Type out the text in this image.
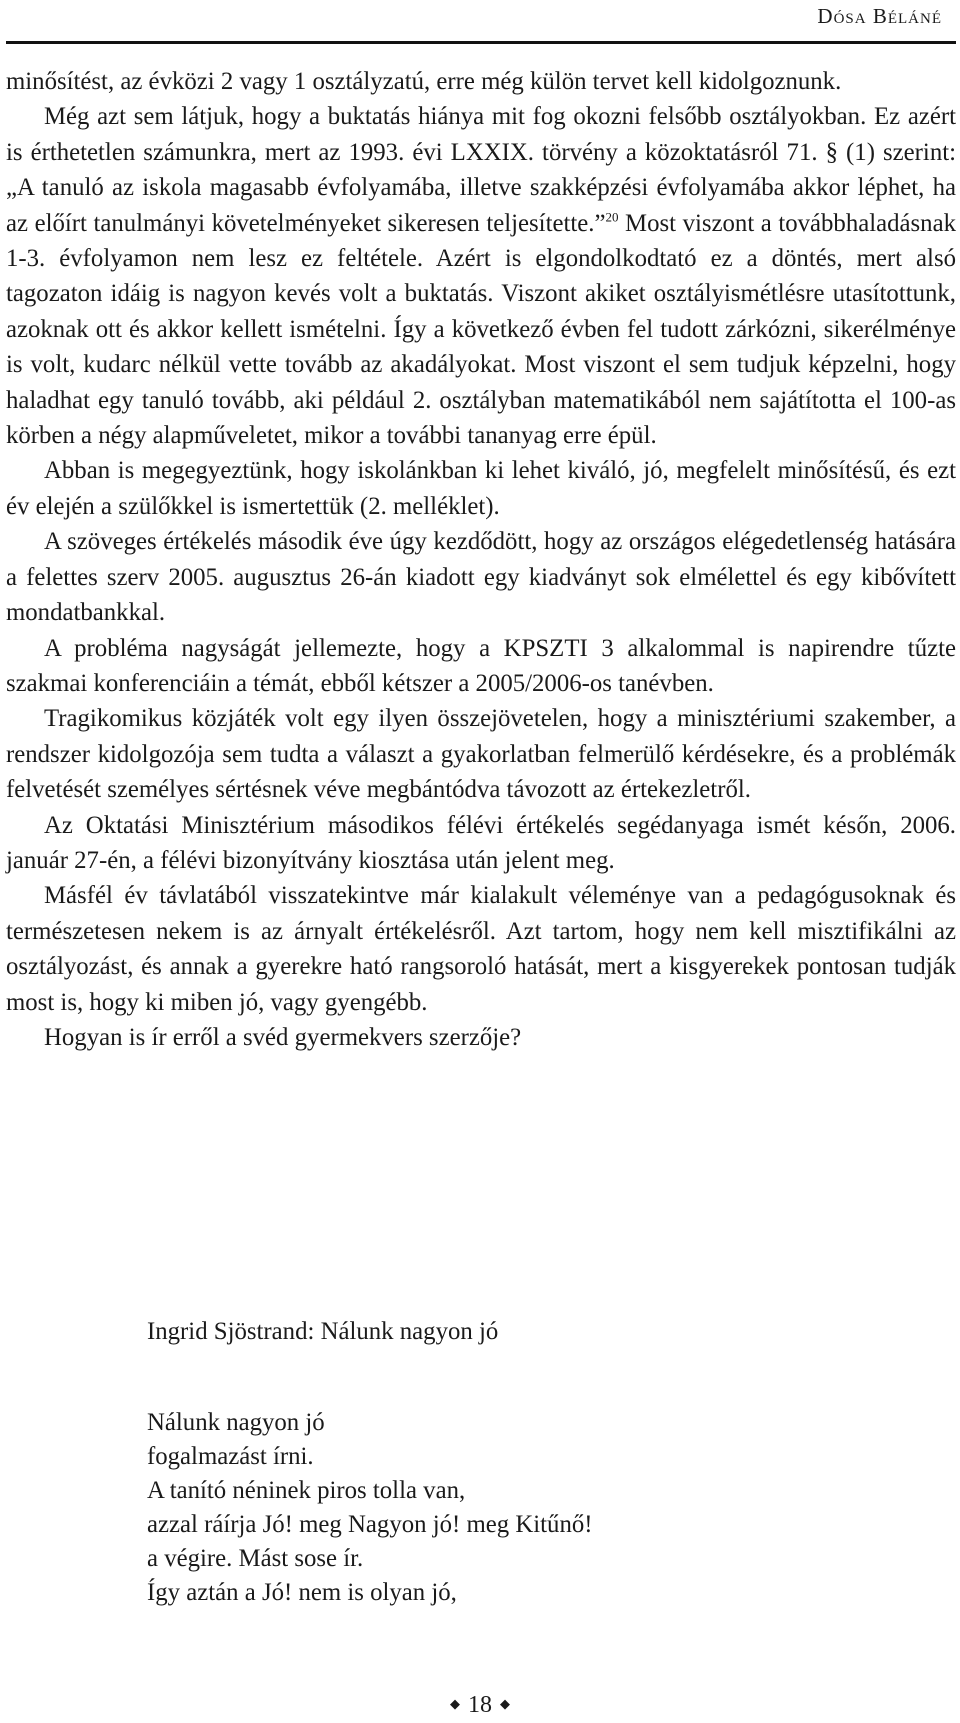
Dósa Béláné

minősítést, az évközi 2 vagy 1 osztályzatú, erre még külön tervet kell kidolgoznunk.

Még azt sem látjuk, hogy a buktatás hiánya mit fog okozni felsőbb osztályokban. Ez azért is érthetetlen számunkra, mert az 1993. évi LXXIX. törvény a közoktatásról 71. § (1) szerint: „A tanuló az iskola magasabb évfolyamába, illetve szakképzési évfolyamába akkor léphet, ha az előírt tanulmányi követelményeket sikeresen teljesítette.”$^{20}$ Most viszont a továbbhaladásnak 1-3. évfolyamon nem lesz ez feltétele. Azért is elgondolkodtató ez a döntés, mert alsó tagozaton idáig is nagyon kevés volt a buktatás. Viszont akiket osztályismétlésre utasítottunk, azoknak ott és akkor kellett ismételni. Így a következő évben fel tudott zárkózni, sikerélménye is volt, kudarc nélkül vette tovább az akadályokat. Most viszont el sem tudjuk képzelni, hogy haladhat egy tanuló tovább, aki például 2. osztályban matematikából nem sajátította el 100-as körben a négy alapműveletet, mikor a további tananyag erre épül.

Abban is megegyeztünk, hogy iskolánkban ki lehet kiváló, jó, megfelelt minősítésű, és ezt év elején a szülőkkel is ismertettük (2. melléklet).

A szöveges értékelés második éve úgy kezdődött, hogy az országos elégedetlenség hatására a felettes szerv 2005. augusztus 26-án kiadott egy kiadványt sok elmélettel és egy kibővített mondatbankkal.

A probléma nagyságát jellemezte, hogy a KPSZTI 3 alkalommal is napirendre tűzte szakmai konferenciáin a témát, ebből kétszer a 2005/2006-os tanévben.

Tragikomikus közjáték volt egy ilyen összejövetelen, hogy a minisztériumi szakember, a rendszer kidolgozója sem tudta a választ a gyakorlatban felmerülő kérdésekre, és a problémák felvetését személyes sértésnek véve megbántódva távozott az értekezletről.

Az Oktatási Minisztérium másodikos félévi értékelés segédanyaga ismét későn, 2006. január 27-én, a félévi bizonyítvány kiosztása után jelent meg.

Másfél év távlatából visszatekintve már kialakult véleménye van a pedagógusoknak és természetesen nekem is az árnyalt értékelésről. Azt tartom, hogy nem kell misztifikálni az osztályozást, és annak a gyerekre ható rangsoroló hatását, mert a kisgyerekek pontosan tudják most is, hogy ki miben jó, vagy gyengébb.

Hogyan is ír erről a svéd gyermekvers szerzője?

Ingrid Sjöstrand: Nálunk nagyon jó
Nálunk nagyon jó
fogalmazást írni.
A tanító néninek piros tolla van,
azzal ráírja Jó! meg Nagyon jó! meg Kitűnő!
a végire. Mást sose ír.
Így aztán a Jó! nem is olyan jó,
◆ 18 ◆
